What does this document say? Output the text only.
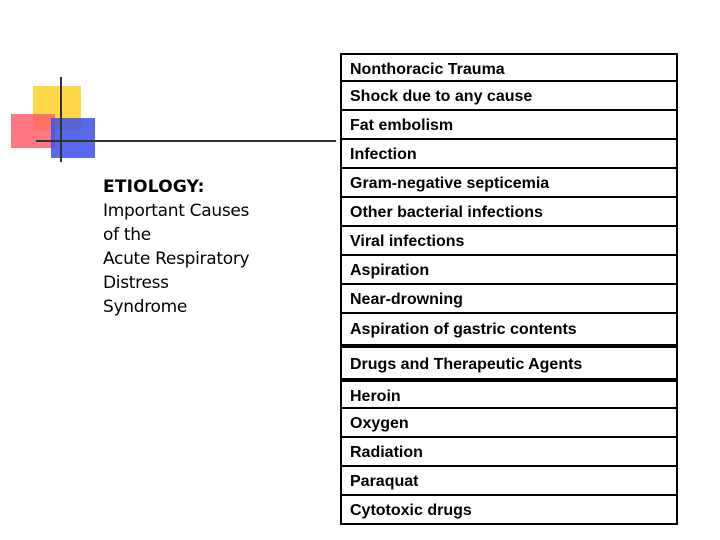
ETIOLOGY:
Important Causes
of the
Acute Respiratory
Distress
Syndrome
Nonthoracic Trauma
Shock due to any cause
Fat embolism
Infection
Gram-negative septicemia
Other bacterial infections
Viral infections
Aspiration
Near-drowning
Aspiration of gastric contents
Drugs and Therapeutic Agents
Heroin
Oxygen
Radiation
Paraquat
Cytotoxic drugs
